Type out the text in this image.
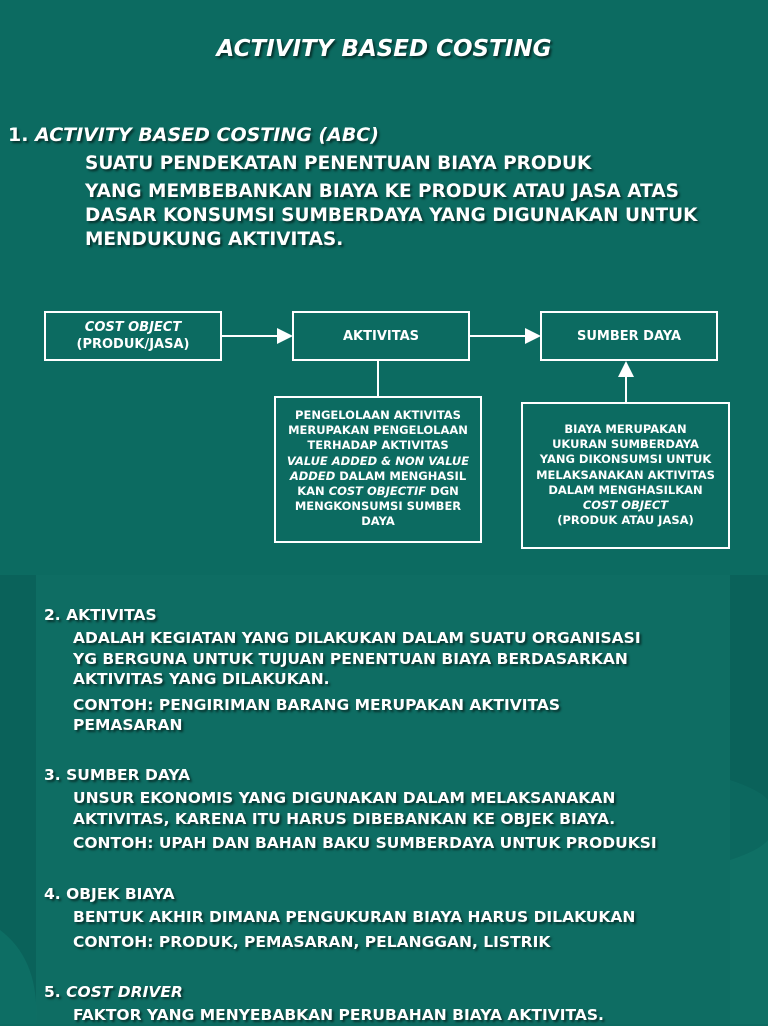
ACTIVITY BASED COSTING
1. ACTIVITY BASED COSTING (ABC)
SUATU PENDEKATAN PENENTUAN BIAYA PRODUK
YANG MEMBEBANKAN BIAYA KE PRODUK ATAU JASA ATAS
DASAR KONSUMSI SUMBERDAYA YANG DIGUNAKAN UNTUK
MENDUKUNG AKTIVITAS.
COST OBJECT
(PRODUK/JASA)
AKTIVITAS	SUMBER DAYA
PENGELOLAAN AKTIVITAS
MERUPAKAN PENGELOLAAN
TERHADAP AKTIVITAS
VALUE ADDED & NON VALUE
ADDED DALAM MENGHASIL
KAN COST OBJECTIF DGN
MENGKONSUMSI SUMBER
DAYA
BIAYA MERUPAKAN
UKURAN SUMBERDAYA
YANG DIKONSUMSI UNTUK
MELAKSANAKAN AKTIVITAS
DALAM MENGHASILKAN
COST OBJECT
(PRODUK ATAU JASA)
2. AKTIVITAS
ADALAH KEGIATAN YANG DILAKUKAN DALAM SUATU ORGANISASI
YG BERGUNA UNTUK TUJUAN PENENTUAN BIAYA BERDASARKAN
AKTIVITAS YANG DILAKUKAN.
CONTOH: PENGIRIMAN BARANG MERUPAKAN AKTIVITAS
PEMASARAN
3. SUMBER DAYA
UNSUR EKONOMIS YANG DIGUNAKAN DALAM MELAKSANAKAN
AKTIVITAS, KARENA ITU HARUS DIBEBANKAN KE OBJEK BIAYA.
CONTOH: UPAH DAN BAHAN BAKU SUMBERDAYA UNTUK PRODUKSI
4. OBJEK BIAYA
BENTUK AKHIR DIMANA PENGUKURAN BIAYA HARUS DILAKUKAN
CONTOH: PRODUK, PEMASARAN, PELANGGAN, LISTRIK
5. COST DRIVER
FAKTOR YANG MENYEBABKAN PERUBAHAN BIAYA AKTIVITAS.
